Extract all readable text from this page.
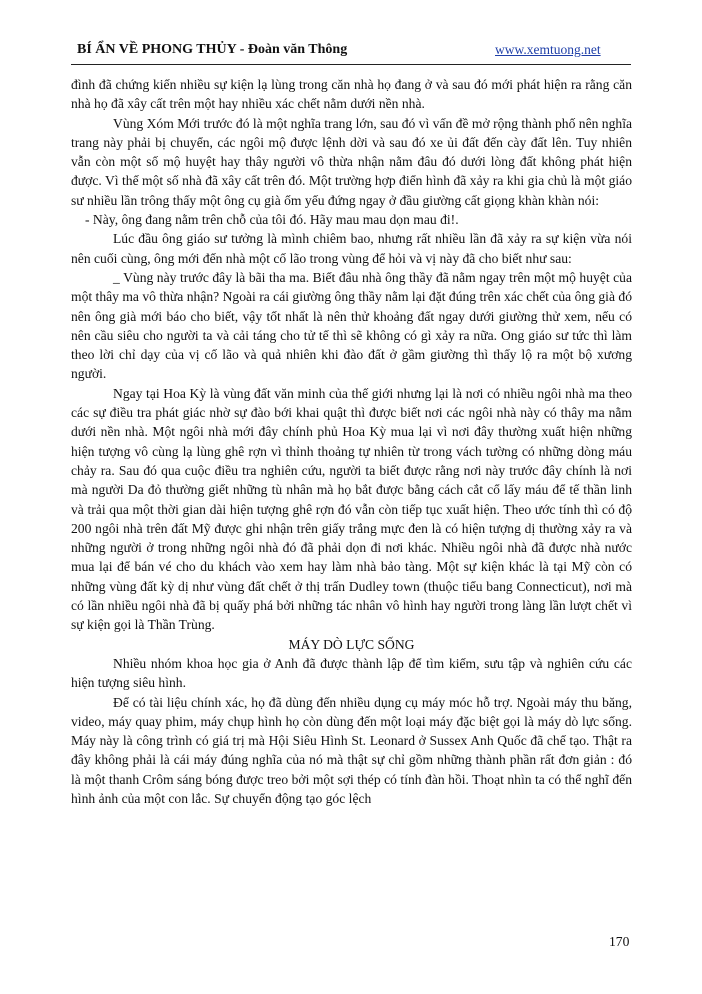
BÍ ẨN VỀ PHONG THỦY - Đoàn văn Thông	www.xemtuong.net

đình đã chứng kiến nhiều sự kiện lạ lùng trong căn nhà họ đang ở và sau đó mới phát hiện ra rằng căn nhà họ đã xây cất trên một hay nhiều xác chết nằm dưới nền nhà.

Vùng Xóm Mới trước đó là một nghĩa trang lớn, sau đó vì vấn đề mở rộng thành phố nên nghĩa trang này phải bị chuyển, các ngôi mộ được lệnh dời và sau đó xe ủi đất đến cày đất lên. Tuy nhiên vẫn còn một số mộ huyệt hay thây người vô thừa nhận nằm đâu đó dưới lòng đất không phát hiện được. Vì thế một số nhà đã xây cất trên đó. Một trường hợp điển hình đã xảy ra khi gia chủ là một giáo sư nhiều lần trông thấy một ông cụ già ốm yếu đứng ngay ở đầu giường cất giọng khàn khàn nói:

- Này, ông đang nằm trên chỗ của tôi đó. Hãy mau mau dọn mau đi!.

Lúc đầu ông giáo sư tưởng là mình chiêm bao, nhưng rất nhiều lần đã xảy ra sự kiện vừa nói nên cuối cùng, ông mới đến nhà một cố lão trong vùng để hỏi và vị này đã cho biết như sau:

_ Vùng này trước đây là bãi tha ma. Biết đâu nhà ông thầy đã nằm ngay trên một mộ huyệt của một thây ma vô thừa nhận? Ngoài ra cái giường ông thầy nằm lại đặt đúng trên xác chết của ông già đó nên ông già mới báo cho biết, vậy tốt nhất là nên thử khoảng đất ngay dưới giường thử xem, nếu có nên cầu siêu cho người ta và cải táng cho tử tế thì sẽ không có gì xảy ra nữa. Ong giáo sư tức thì làm theo lời chỉ dạy của vị cố lão và quả nhiên khi đào đất ở gầm giường thì thấy lộ ra một bộ xương người.

Ngay tại Hoa Kỳ là vùng đất văn minh của thế giới nhưng lại là nơi có nhiều ngôi nhà ma theo các sự điều tra phát giác nhờ sự đào bới khai quật thì được biết nơi các ngôi nhà này có thây ma nằm dưới nền nhà. Một ngôi nhà mới đây chính phủ Hoa Kỳ mua lại vì nơi đây thường xuất hiện những hiện tượng vô cùng lạ lùng ghê rợn vì thỉnh thoảng tự nhiên từ trong vách tường có những dòng máu chảy ra. Sau đó qua cuộc điều tra nghiên cứu, người ta biết được rằng nơi này trước đây chính là nơi mà người Da đỏ thường giết những tù nhân mà họ bắt được bằng cách cắt cổ lấy máu để tế thần linh và trải qua một thời gian dài hiện tượng ghê rợn đó vẫn còn tiếp tục xuất hiện. Theo ước tính thì có độ 200 ngôi nhà trên đất Mỹ được ghi nhận trên giấy trắng mực đen là có hiện tượng dị thường xảy ra và những người ở trong những ngôi nhà đó đã phải dọn đi nơi khác. Nhiều ngôi nhà đã được nhà nước mua lại để bán vé cho du khách vào xem hay làm nhà bảo tàng. Một sự kiện khác là tại Mỹ còn có những vùng đất kỳ dị như vùng đất chết ở thị trấn Dudley town (thuộc tiểu bang Connecticut), nơi mà có lần nhiều ngôi nhà đã bị quấy phá bởi những tác nhân vô hình hay người trong làng lần lượt chết vì sự kiện gọi là Thần Trùng.

MÁY DÒ LỰC SỐNG

Nhiều nhóm khoa học gia ở Anh đã được thành lập để tìm kiếm, sưu tập và nghiên cứu các hiện tượng siêu hình.

Để có tài liệu chính xác, họ đã dùng đến nhiều dụng cụ máy móc hỗ trợ. Ngoài máy thu băng, video, máy quay phim, máy chụp hình họ còn dùng đến một loại máy đặc biệt gọi là máy dò lực sống. Máy này là công trình có giá trị mà Hội Siêu Hình St. Leonard ở Sussex Anh Quốc đã chế tạo. Thật ra đây không phải là cái máy đúng nghĩa của nó mà thật sự chỉ gồm những thành phần rất đơn giản : đó là một thanh Crôm sáng bóng được treo bởi một sợi thép có tính đàn hồi. Thoạt nhìn ta có thể nghĩ đến hình ảnh của một con lắc. Sự chuyển động tạo góc lệch

170
